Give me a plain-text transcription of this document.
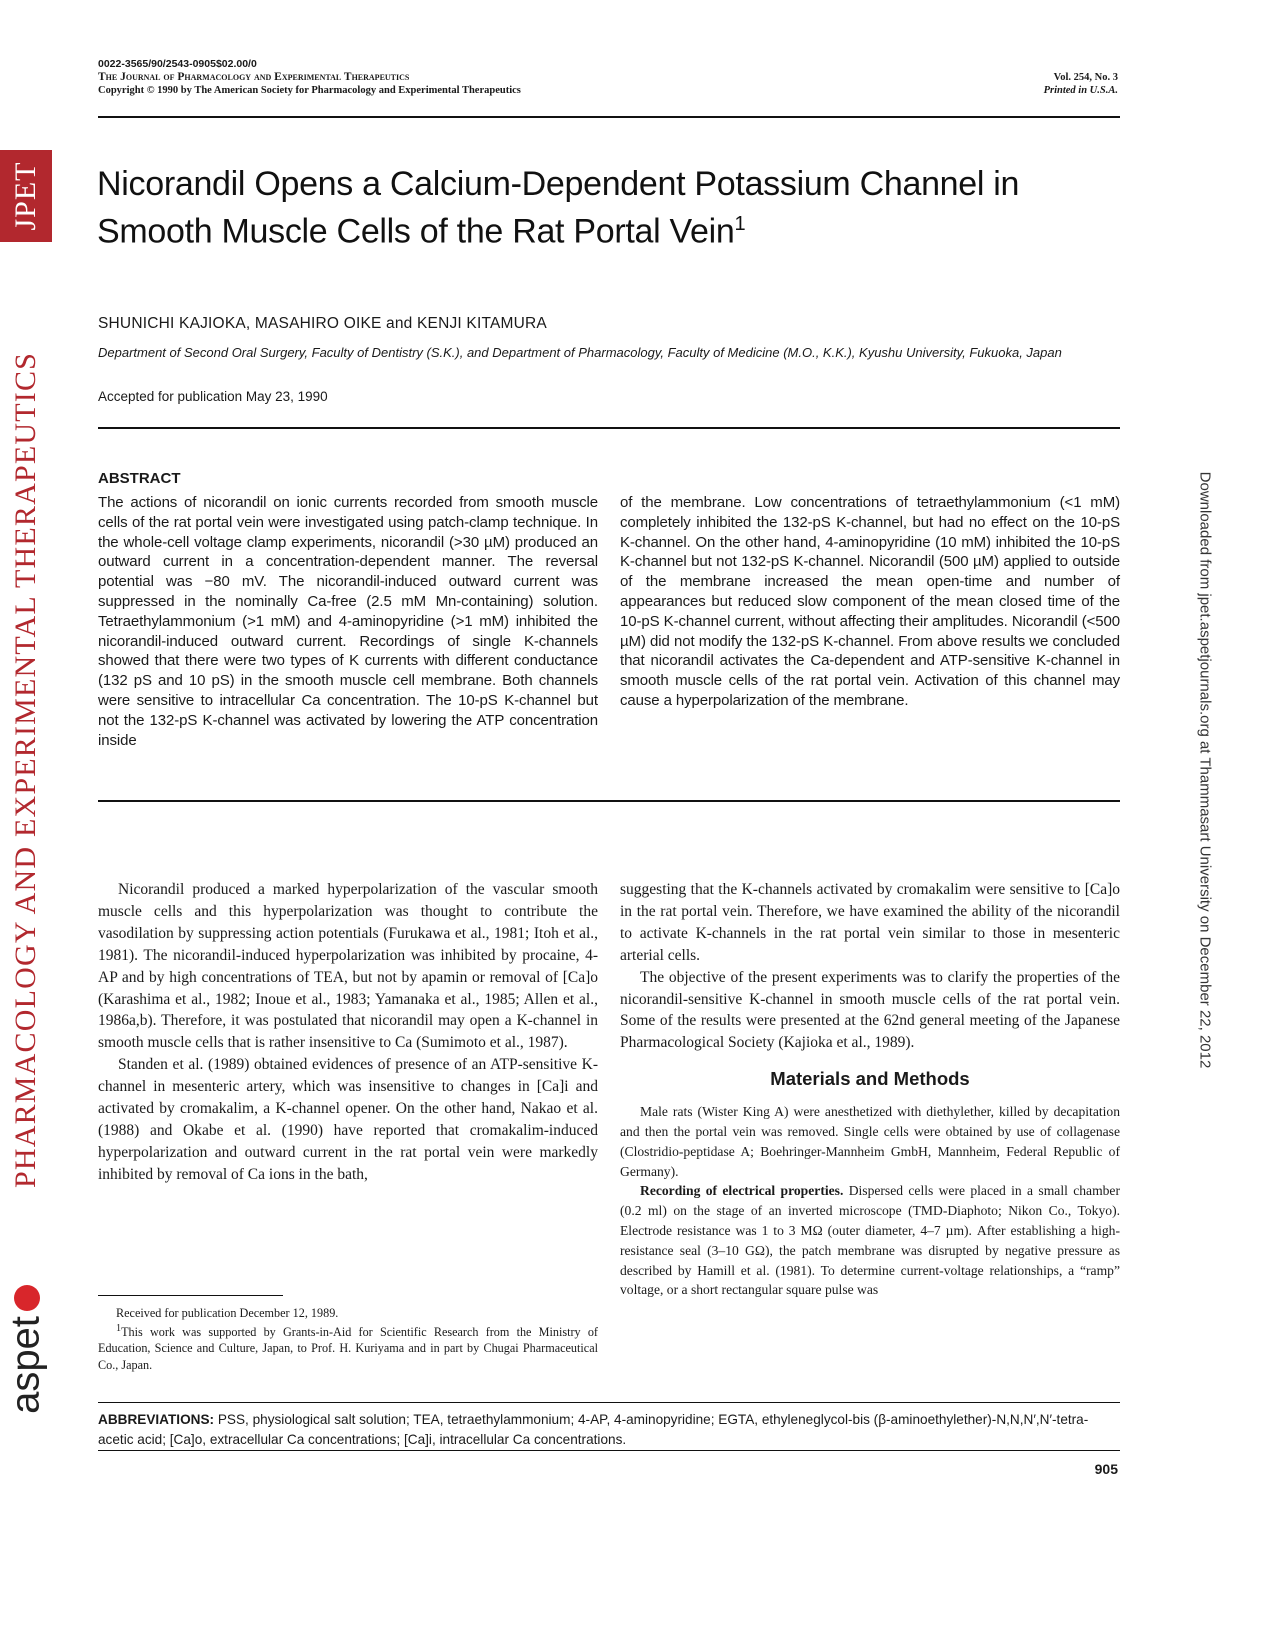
JPET
PHARMACOLOGY AND EXPERIMENTAL THERAPEUTICS
aspet
Downloaded from jpet.aspetjournals.org at Thammasart University on December 22, 2012
0022-3565/90/2543-0905$02.00/0
The Journal of Pharmacology and Experimental Therapeutics
Copyright © 1990 by The American Society for Pharmacology and Experimental Therapeutics
Vol. 254, No. 3
Printed in U.S.A.
Nicorandil Opens a Calcium-Dependent Potassium Channel in Smooth Muscle Cells of the Rat Portal Vein$^1$
SHUNICHI KAJIOKA, MASAHIRO OIKE and KENJI KITAMURA
Department of Second Oral Surgery, Faculty of Dentistry (S.K.), and Department of Pharmacology, Faculty of Medicine (M.O., K.K.), Kyushu University, Fukuoka, Japan
Accepted for publication May 23, 1990
ABSTRACT
The actions of nicorandil on ionic currents recorded from smooth muscle cells of the rat portal vein were investigated using patch-clamp technique. In the whole-cell voltage clamp experiments, nicorandil (>30 µM) produced an outward current in a concentration-dependent manner. The reversal potential was −80 mV. The nicorandil-induced outward current was suppressed in the nominally Ca-free (2.5 mM Mn-containing) solution. Tetraethylammonium (>1 mM) and 4-aminopyridine (>1 mM) inhibited the nicorandil-induced outward current. Recordings of single K-channels showed that there were two types of K currents with different conductance (132 pS and 10 pS) in the smooth muscle cell membrane. Both channels were sensitive to intracellular Ca concentration. The 10-pS K-channel but not the 132-pS K-channel was activated by lowering the ATP concentration inside
of the membrane. Low concentrations of tetraethylammonium (<1 mM) completely inhibited the 132-pS K-channel, but had no effect on the 10-pS K-channel. On the other hand, 4-aminopyridine (10 mM) inhibited the 10-pS K-channel but not 132-pS K-channel. Nicorandil (500 µM) applied to outside of the membrane increased the mean open-time and number of appearances but reduced slow component of the mean closed time of the 10-pS K-channel current, without affecting their amplitudes. Nicorandil (<500 µM) did not modify the 132-pS K-channel. From above results we concluded that nicorandil activates the Ca-dependent and ATP-sensitive K-channel in smooth muscle cells of the rat portal vein. Activation of this channel may cause a hyperpolarization of the membrane.

Nicorandil produced a marked hyperpolarization of the vascular smooth muscle cells and this hyperpolarization was thought to contribute the vasodilation by suppressing action potentials (Furukawa et al., 1981; Itoh et al., 1981). The nicorandil-induced hyperpolarization was inhibited by procaine, 4-AP and by high concentrations of TEA, but not by apamin or removal of [Ca]o (Karashima et al., 1982; Inoue et al., 1983; Yamanaka et al., 1985; Allen et al., 1986a,b). Therefore, it was postulated that nicorandil may open a K-channel in smooth muscle cells that is rather insensitive to Ca (Sumimoto et al., 1987).

Standen et al. (1989) obtained evidences of presence of an ATP-sensitive K-channel in mesenteric artery, which was insensitive to changes in [Ca]i and activated by cromakalim, a K-channel opener. On the other hand, Nakao et al. (1988) and Okabe et al. (1990) have reported that cromakalim-induced hyperpolarization and outward current in the rat portal vein were markedly inhibited by removal of Ca ions in the bath,

suggesting that the K-channels activated by cromakalim were sensitive to [Ca]o in the rat portal vein. Therefore, we have examined the ability of the nicorandil to activate K-channels in the rat portal vein similar to those in mesenteric arterial cells.

The objective of the present experiments was to clarify the properties of the nicorandil-sensitive K-channel in smooth muscle cells of the rat portal vein. Some of the results were presented at the 62nd general meeting of the Japanese Pharmacological Society (Kajioka et al., 1989).

Materials and Methods

Male rats (Wister King A) were anesthetized with diethylether, killed by decapitation and then the portal vein was removed. Single cells were obtained by use of collagenase (Clostridio-peptidase A; Boehringer-Mannheim GmbH, Mannheim, Federal Republic of Germany).

Recording of electrical properties. Dispersed cells were placed in a small chamber (0.2 ml) on the stage of an inverted microscope (TMD-Diaphoto; Nikon Co., Tokyo). Electrode resistance was 1 to 3 MΩ (outer diameter, 4–7 µm). After establishing a high-resistance seal (3–10 GΩ), the patch membrane was disrupted by negative pressure as described by Hamill et al. (1981). To determine current-voltage relationships, a “ramp” voltage, or a short rectangular square pulse was

Received for publication December 12, 1989.

$^1$This work was supported by Grants-in-Aid for Scientific Research from the Ministry of Education, Science and Culture, Japan, to Prof. H. Kuriyama and in part by Chugai Pharmaceutical Co., Japan.

ABBREVIATIONS: PSS, physiological salt solution; TEA, tetraethylammonium; 4-AP, 4-aminopyridine; EGTA, ethyleneglycol-bis (β-aminoethylether)-N,N,N′,N′-tetra-acetic acid; [Ca]o, extracellular Ca concentrations; [Ca]i, intracellular Ca concentrations.
905
